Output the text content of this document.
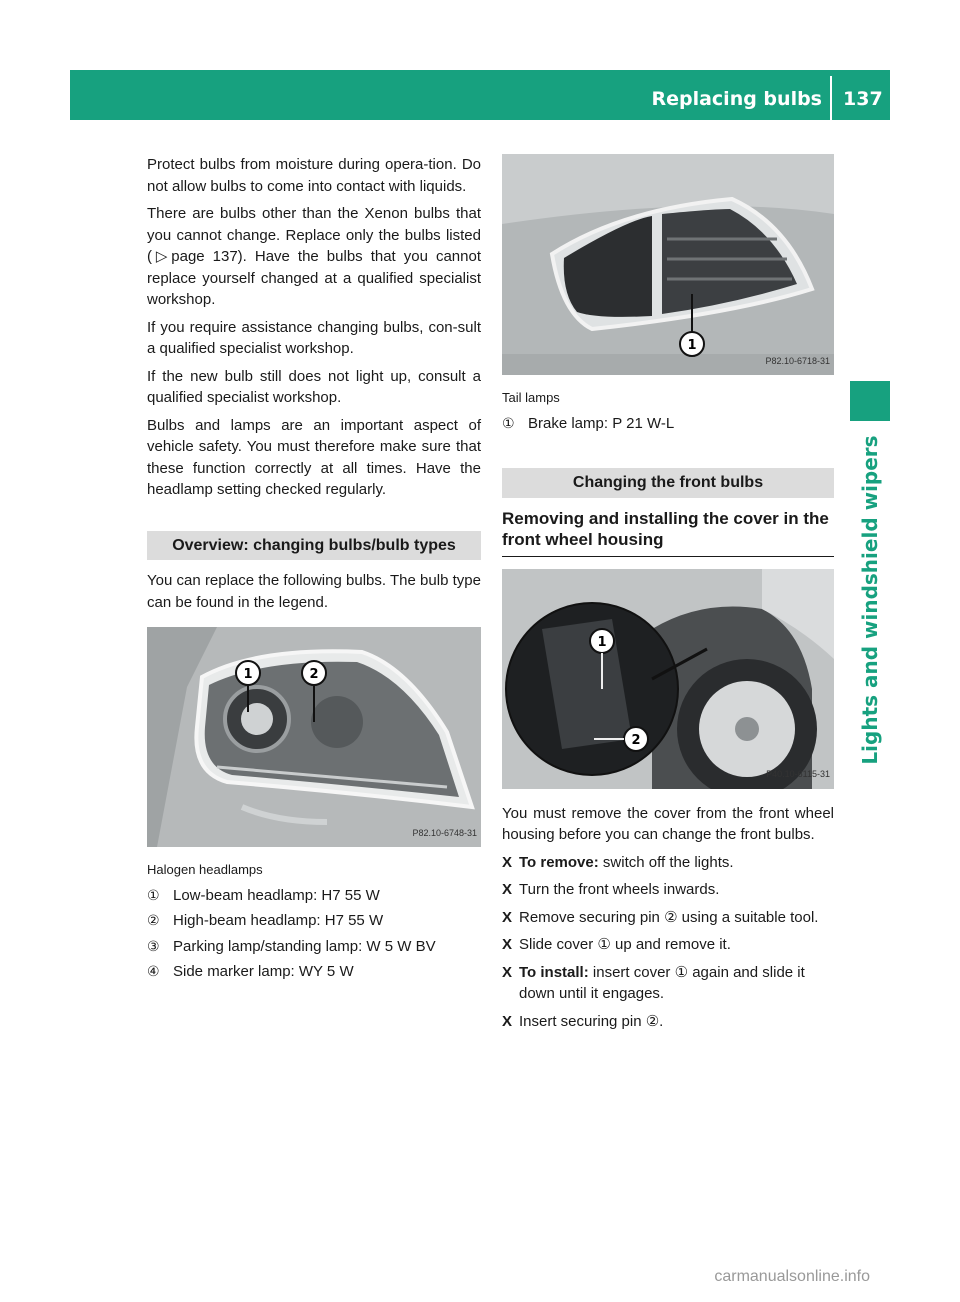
Replacing bulbs 137
Lights and windshield wipers

Protect bulbs from moisture during opera-tion. Do not allow bulbs to come into contact with liquids.

There are bulbs other than the Xenon bulbs that you cannot change. Replace only the bulbs listed (▷page 137). Have the bulbs that you cannot replace yourself changed at a qualified specialist workshop.

If you require assistance changing bulbs, con-sult a qualified specialist workshop.

If the new bulb still does not light up, consult a qualified specialist workshop.

Bulbs and lamps are an important aspect of vehicle safety. You must therefore make sure that these function correctly at all times. Have the headlamp setting checked regularly.

Overview: changing bulbs/bulb types

You can replace the following bulbs. The bulb type can be found in the legend.

1	2
P82.10-6748-31
Halogen headlamps
① Low-beam headlamp: H7 55 W
② High-beam headlamp: H7 55 W
③ Parking lamp/standing lamp: W 5 W BV
④ Side marker lamp: WY 5 W
1
P82.10-6718-31
Tail lamps
① Brake lamp: P 21 W-L
Changing the front bulbs
Removing and installing the cover in the front wheel housing
1
2
P40.10-6115-31

You must remove the cover from the front wheel housing before you can change the front bulbs.

X To remove: switch off the lights.
X Turn the front wheels inwards.
X Remove securing pin ② using a suitable tool.
X Slide cover ① up and remove it.
X To install: insert cover ① again and slide it down until it engages.
X Insert securing pin ②.
carmanualsonline.info
